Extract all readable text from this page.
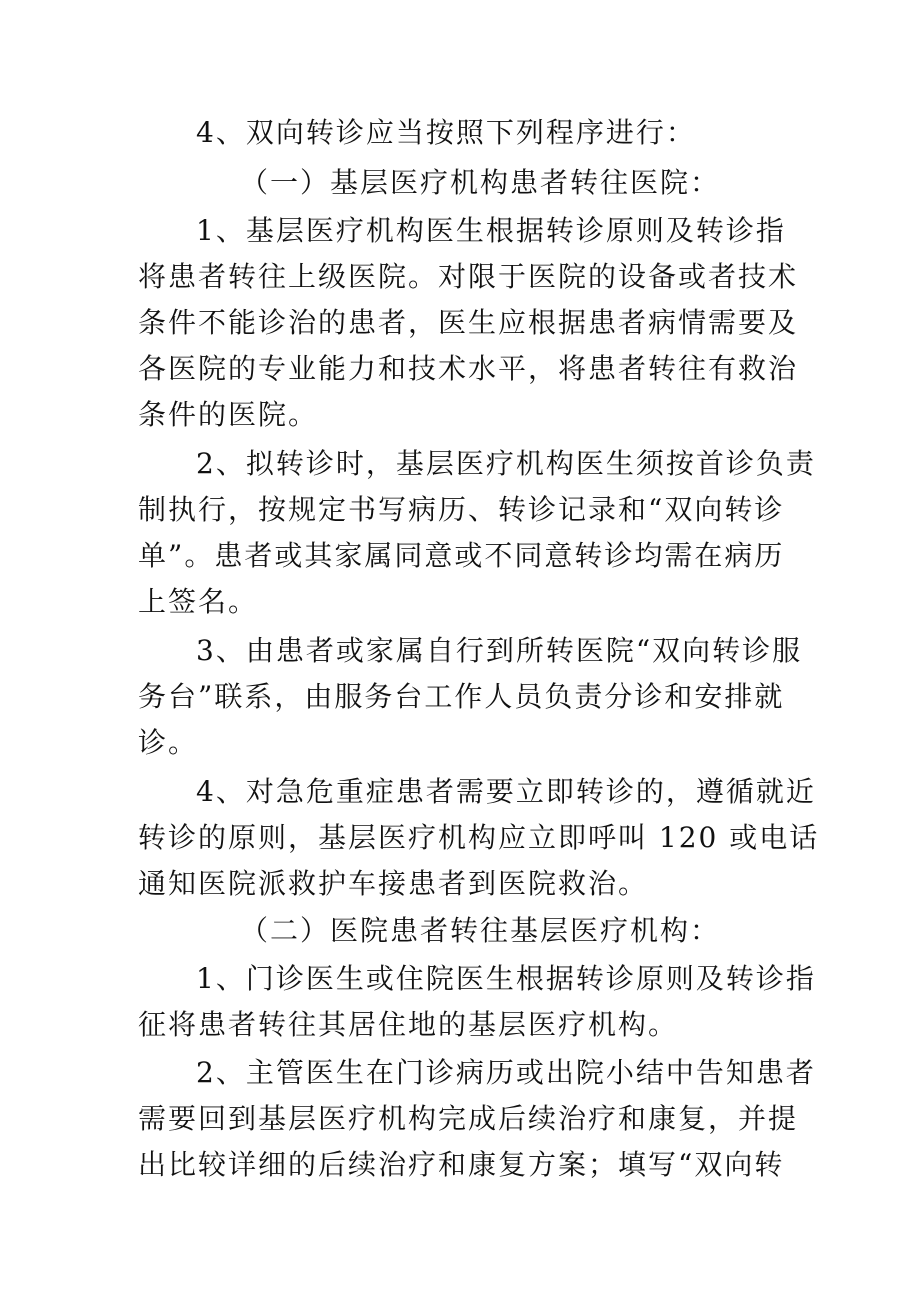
4、双向转诊应当按照下列程序进行：
（一）基层医疗机构患者转往医院：
1、基层医疗机构医生根据转诊原则及转诊指
将患者转往上级医院。对限于医院的设备或者技术
条件不能诊治的患者，医生应根据患者病情需要及
各医院的专业能力和技术水平，将患者转往有救治
条件的医院。
2、拟转诊时，基层医疗机构医生须按首诊负责
制执行，按规定书写病历、转诊记录和“双向转诊
单”。患者或其家属同意或不同意转诊均需在病历
上签名。
3、由患者或家属自行到所转医院“双向转诊服
务台”联系，由服务台工作人员负责分诊和安排就
诊。
4、对急危重症患者需要立即转诊的，遵循就近
转诊的原则，基层医疗机构应立即呼叫 120 或电话
通知医院派救护车接患者到医院救治。
（二）医院患者转往基层医疗机构：
1、门诊医生或住院医生根据转诊原则及转诊指
征将患者转往其居住地的基层医疗机构。
2、主管医生在门诊病历或出院小结中告知患者
需要回到基层医疗机构完成后续治疗和康复，并提
出比较详细的后续治疗和康复方案；填写“双向转
